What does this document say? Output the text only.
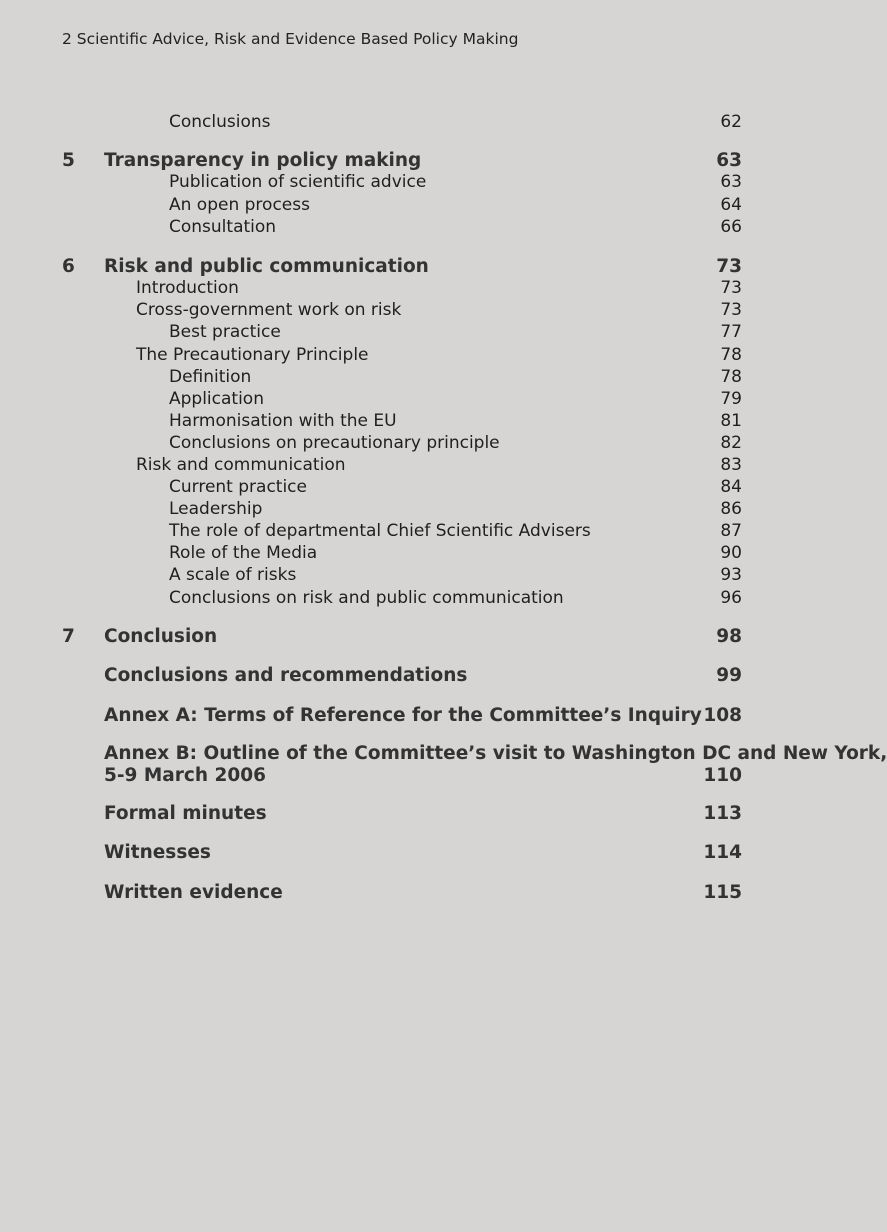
2 Scientific Advice, Risk and Evidence Based Policy Making
Conclusions	62
5 Transparency in policy making	63
Publication of scientific advice	63
An open process	64
Consultation	66
6 Risk and public communication	73
Introduction	73
Cross-government work on risk	73
Best practice	77
The Precautionary Principle	78
Definition	78
Application	79
Harmonisation with the EU	81
Conclusions on precautionary principle	82
Risk and communication	83
Current practice	84
Leadership	86
The role of departmental Chief Scientific Advisers	87
Role of the Media	90
A scale of risks	93
Conclusions on risk and public communication	96
7 Conclusion	98
Conclusions and recommendations	99
Annex A: Terms of Reference for the Committee’s Inquiry 108
Annex B: Outline of the Committee’s visit to Washington DC and New York,
5-9 March 2006	110
Formal minutes	113
Witnesses	114
Written evidence	115
